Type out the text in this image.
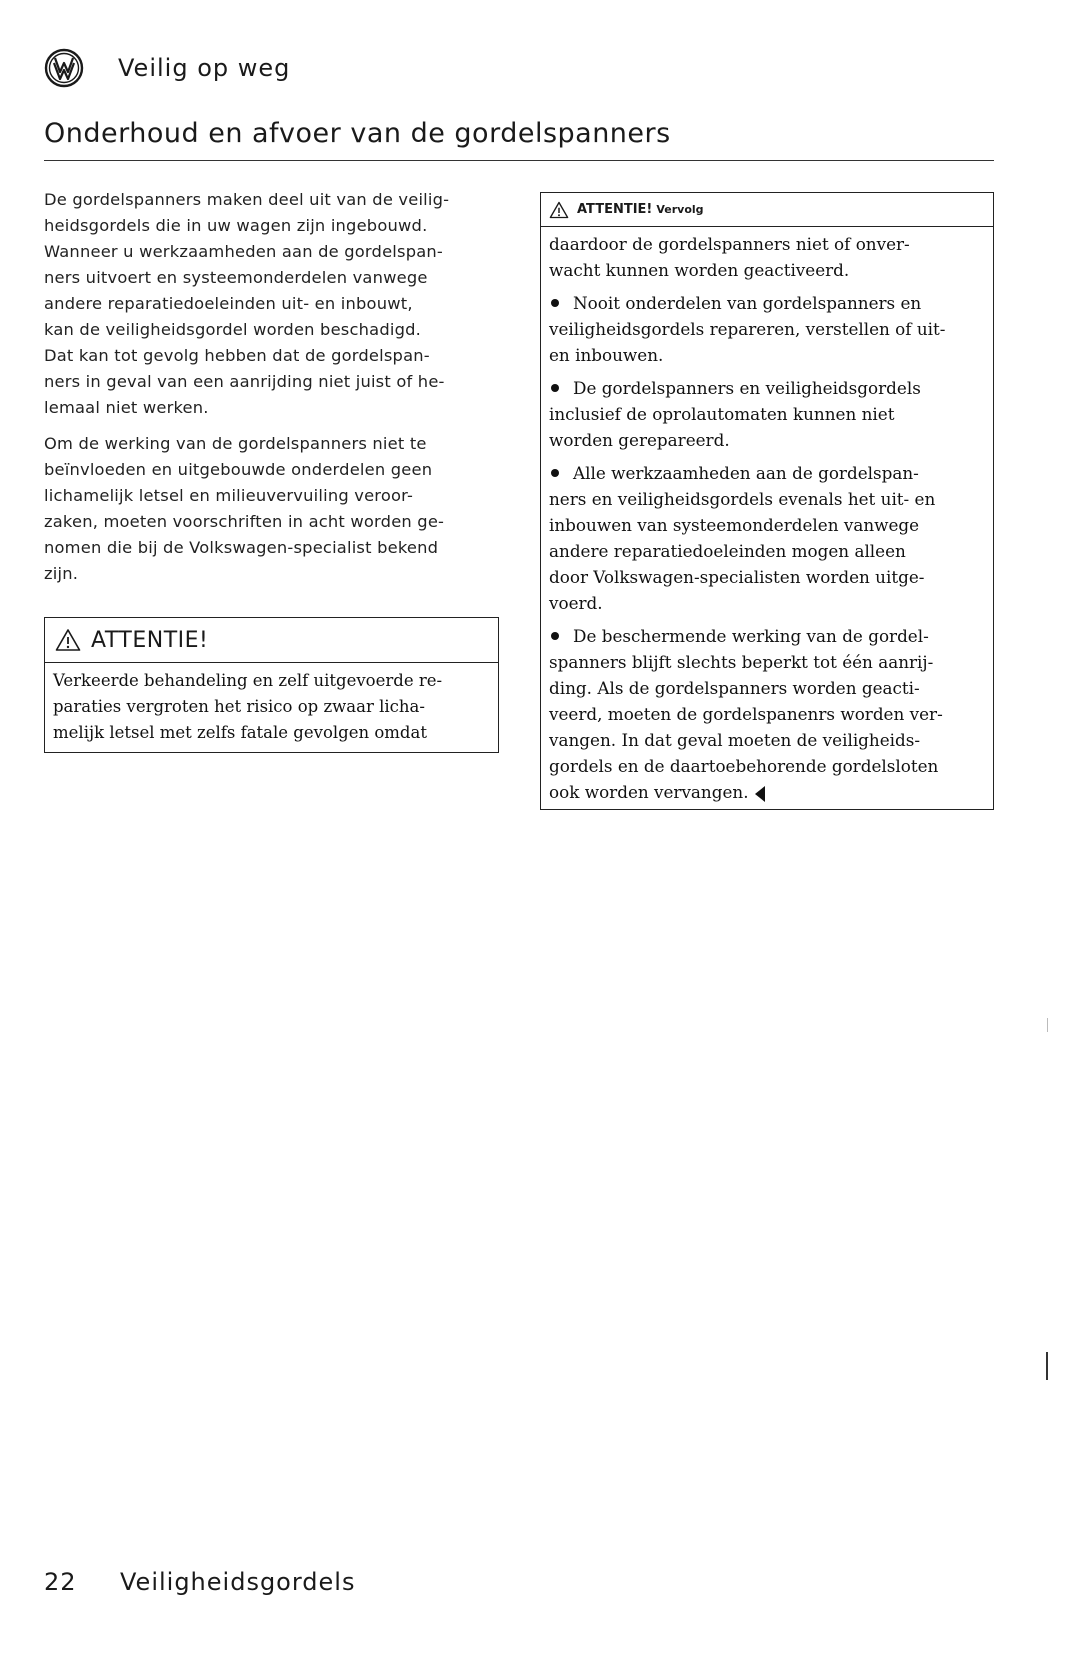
Veilig op weg
Onderhoud en afvoer van de gordelspanners

De gordelspanners maken deel uit van de veilig-
heidsgordels die in uw wagen zijn ingebouwd.
Wanneer u werkzaamheden aan de gordelspan-
ners uitvoert en systeemonderdelen vanwege
andere reparatiedoeleinden uit- en inbouwt,
kan de veiligheidsgordel worden beschadigd.
Dat kan tot gevolg hebben dat de gordelspan-
ners in geval van een aanrijding niet juist of he-
lemaal niet werken.

Om de werking van de gordelspanners niet te
beïnvloeden en uitgebouwde onderdelen geen
lichamelijk letsel en milieuvervuiling veroor-
zaken, moeten voorschriften in acht worden ge-
nomen die bij de Volkswagen-specialist bekend
zijn.

ATTENTIE!
Verkeerde behandeling en zelf uitgevoerde re-
paraties vergroten het risico op zwaar licha-
melijk letsel met zelfs fatale gevolgen omdat
ATTENTIE! Vervolg

daardoor de gordelspanners niet of onver-
wacht kunnen worden geactiveerd.

Nooit onderdelen van gordelspanners en
veiligheidsgordels repareren, verstellen of uit-
en inbouwen.

De gordelspanners en veiligheidsgordels
inclusief de oprolautomaten kunnen niet
worden gerepareerd.

Alle werkzaamheden aan de gordelspan-
ners en veiligheidsgordels evenals het uit- en
inbouwen van systeemonderdelen vanwege
andere reparatiedoeleinden mogen alleen
door Volkswagen-specialisten worden uitge-
voerd.

De beschermende werking van de gordel-
spanners blijft slechts beperkt tot één aanrij-
ding. Als de gordelspanners worden geacti-
veerd, moeten de gordelspanenrs worden ver-
vangen. In dat geval moeten de veiligheids-
gordels en de daartoebehorende gordelsloten
ook worden vervangen.

22	Veiligheidsgordels
